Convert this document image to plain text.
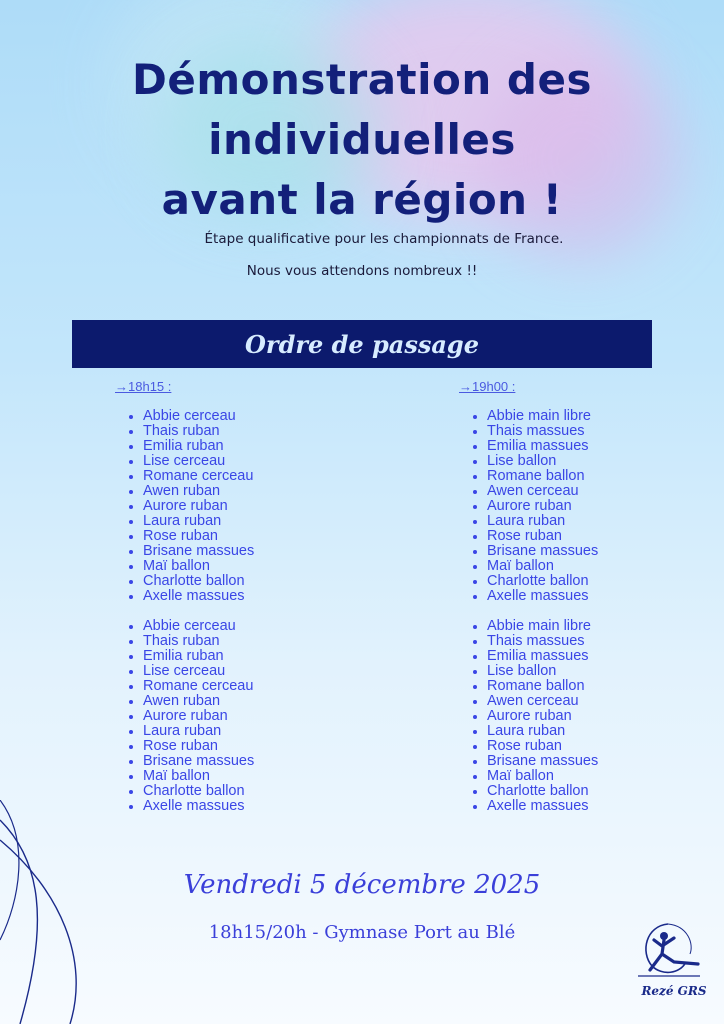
Démonstration des
individuelles
avant la région !
Étape qualificative pour les championnats de France.
Nous vous attendons nombreux !!
Ordre de passage
→18h15 :
Abbie cerceau
Thais ruban
Emilia ruban
Lise cerceau
Romane cerceau
Awen ruban
Aurore ruban
Laura ruban
Rose ruban
Brisane massues
Maï ballon
Charlotte ballon
Axelle massues
Abbie cerceau
Thais ruban
Emilia ruban
Lise cerceau
Romane cerceau
Awen ruban
Aurore ruban
Laura ruban
Rose ruban
Brisane massues
Maï ballon
Charlotte ballon
Axelle massues
→19h00 :
Abbie main libre
Thais massues
Emilia massues
Lise ballon
Romane ballon
Awen cerceau
Aurore ruban
Laura ruban
Rose ruban
Brisane massues
Maï ballon
Charlotte ballon
Axelle massues
Abbie main libre
Thais massues
Emilia massues
Lise ballon
Romane ballon
Awen cerceau
Aurore ruban
Laura ruban
Rose ruban
Brisane massues
Maï ballon
Charlotte ballon
Axelle massues
Vendredi 5 décembre 2025
18h15/20h - Gymnase Port au Blé
Rezé GRS
